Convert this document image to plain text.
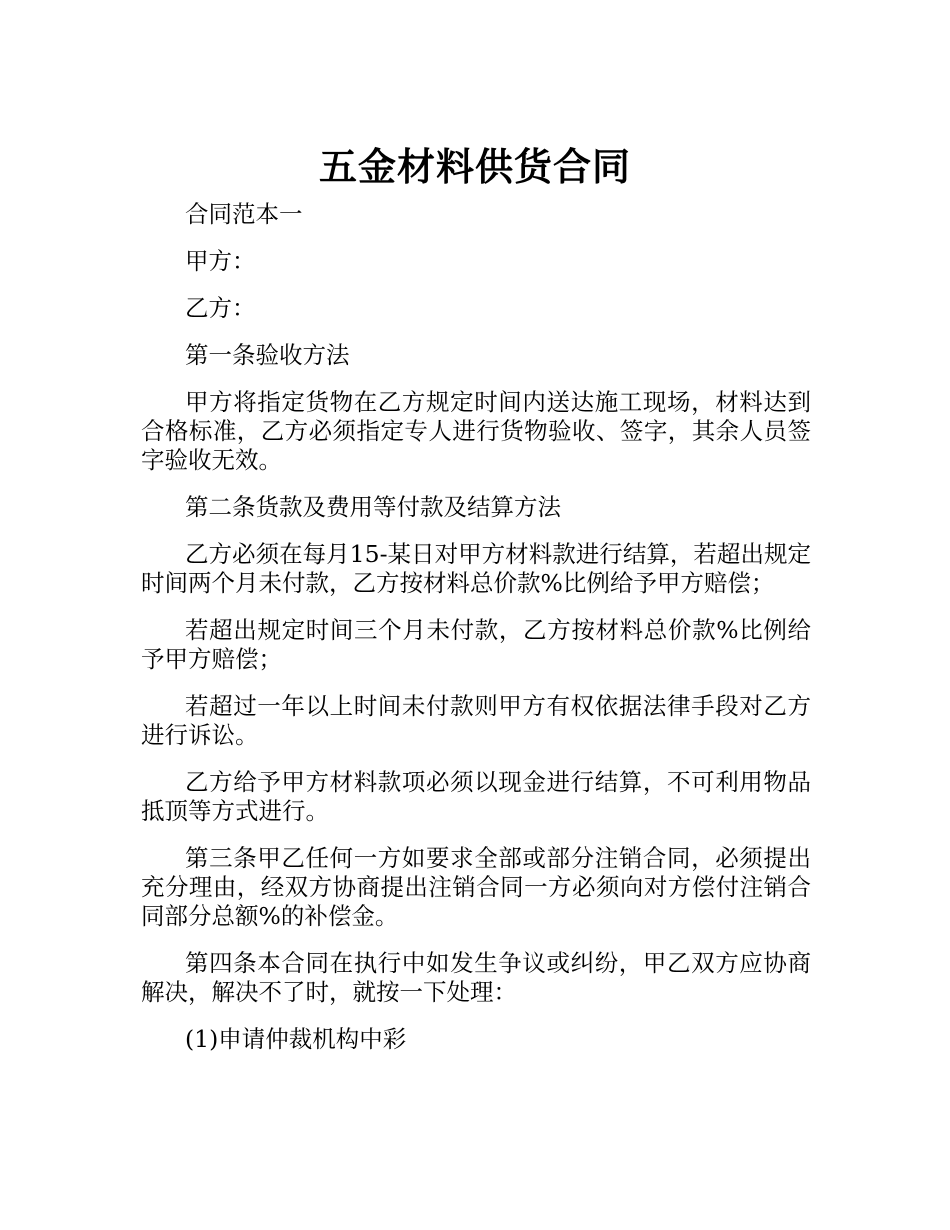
五金材料供货合同

合同范本一

甲方：

乙方：

第一条验收方法

甲方将指定货物在乙方规定时间内送达施工现场，材料达到合格标准，乙方必须指定专人进行货物验收、签字，其余人员签字验收无效。

第二条货款及费用等付款及结算方法

乙方必须在每月15-某日对甲方材料款进行结算，若超出规定时间两个月未付款，乙方按材料总价款%比例给予甲方赔偿；

若超出规定时间三个月未付款，乙方按材料总价款%比例给予甲方赔偿；

若超过一年以上时间未付款则甲方有权依据法律手段对乙方进行诉讼。

乙方给予甲方材料款项必须以现金进行结算，不可利用物品抵顶等方式进行。

第三条甲乙任何一方如要求全部或部分注销合同，必须提出充分理由，经双方协商提出注销合同一方必须向对方偿付注销合同部分总额%的补偿金。

第四条本合同在执行中如发生争议或纠纷，甲乙双方应协商解决，解决不了时，就按一下处理：

(1)申请仲裁机构中彩
